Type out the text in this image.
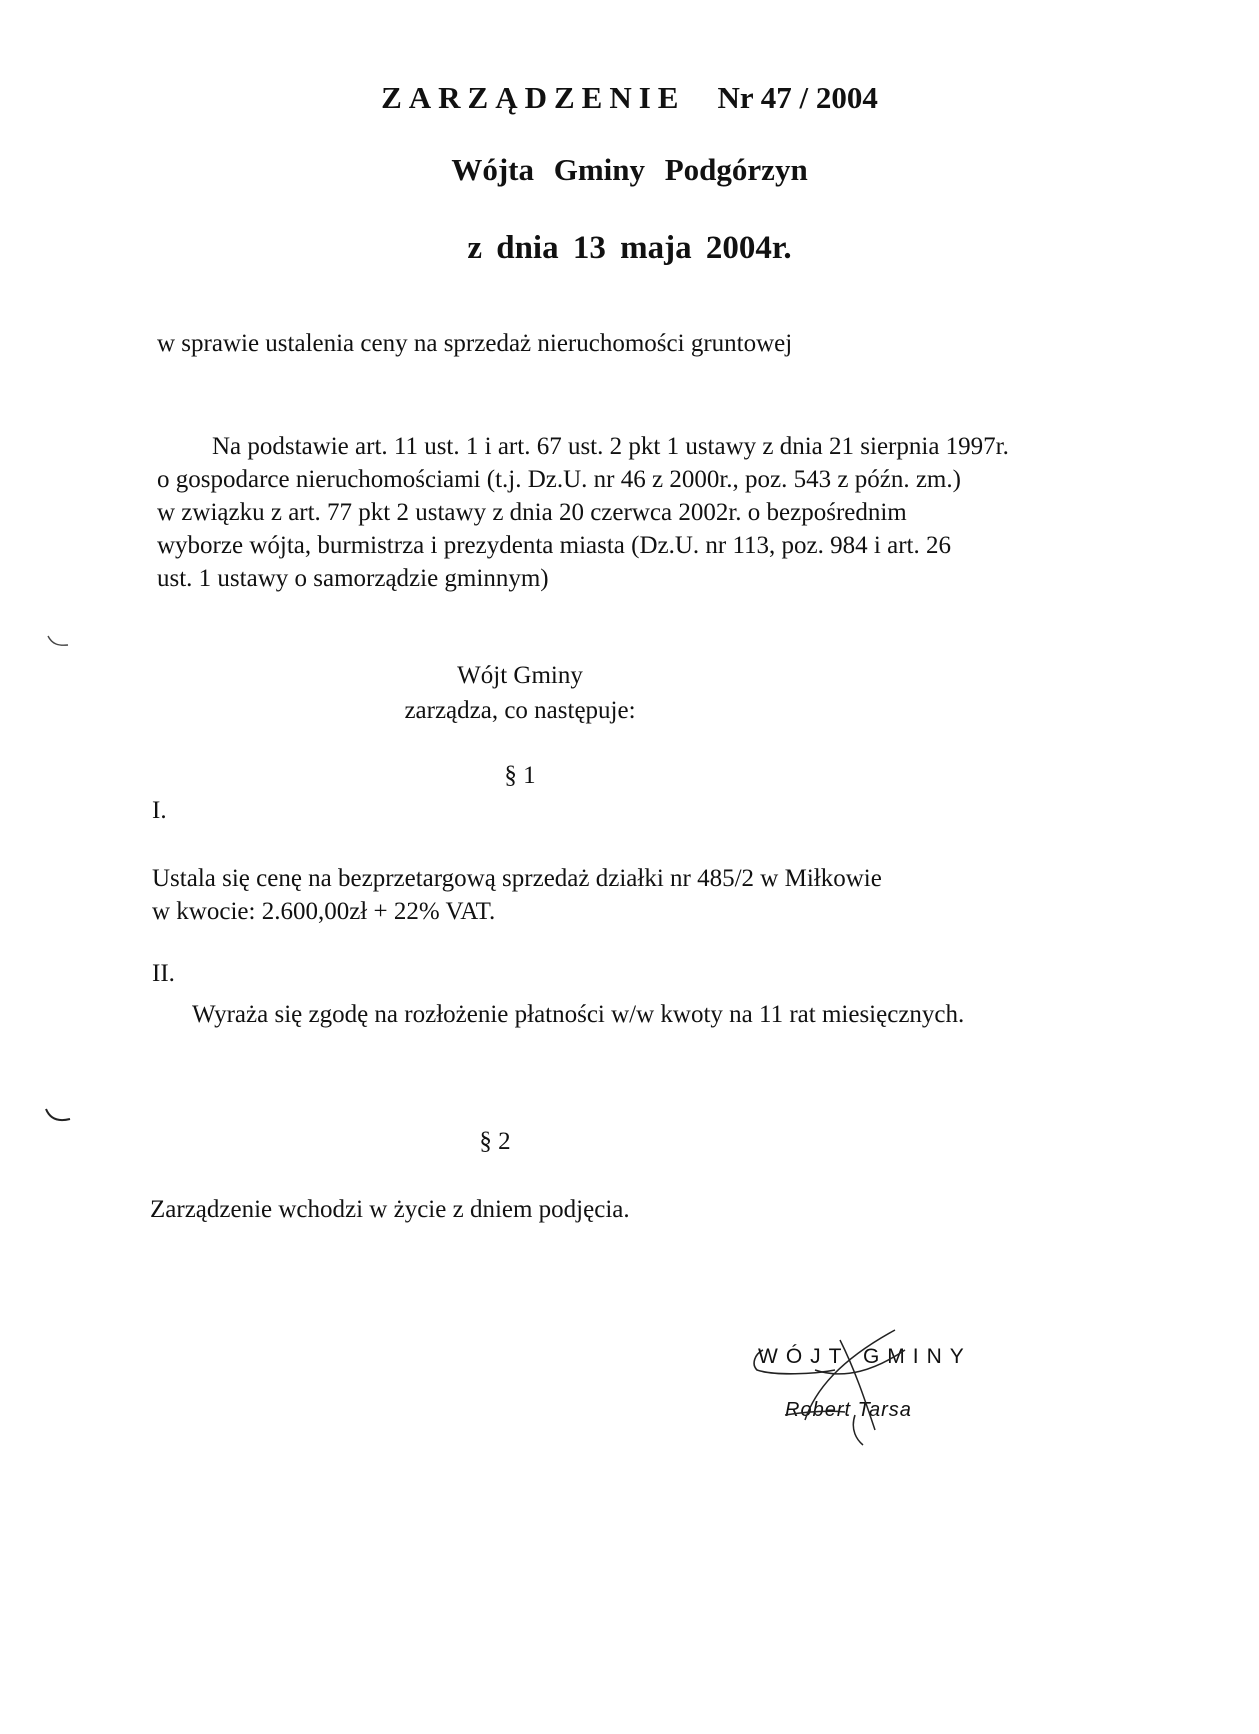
ZARZĄDZENIE Nr 47 / 2004
Wójta Gminy Podgórzyn
z dnia 13 maja 2004r.
w sprawie ustalenia ceny na sprzedaż nieruchomości gruntowej
Na podstawie art. 11 ust. 1 i art. 67 ust. 2 pkt 1 ustawy z dnia 21 sierpnia 1997r.
o gospodarce nieruchomościami (t.j. Dz.U. nr 46 z 2000r., poz. 543 z późn. zm.)
w związku z art. 77 pkt 2 ustawy z dnia 20 czerwca 2002r. o bezpośrednim
wyborze wójta, burmistrza i prezydenta miasta (Dz.U. nr 113, poz. 984 i art. 26
ust. 1 ustawy o samorządzie gminnym)
Wójt Gminy
zarządza, co następuje:
§ 1
I.
Ustala się cenę na bezprzetargową sprzedaż działki nr 485/2 w Miłkowie
w kwocie: 2.600,00zł + 22% VAT.
II.
Wyraża się zgodę na rozłożenie płatności w/w kwoty na 11 rat miesięcznych.
§ 2
Zarządzenie wchodzi w życie z dniem podjęcia.
WÓJT GMINY
Robert Tarsa
